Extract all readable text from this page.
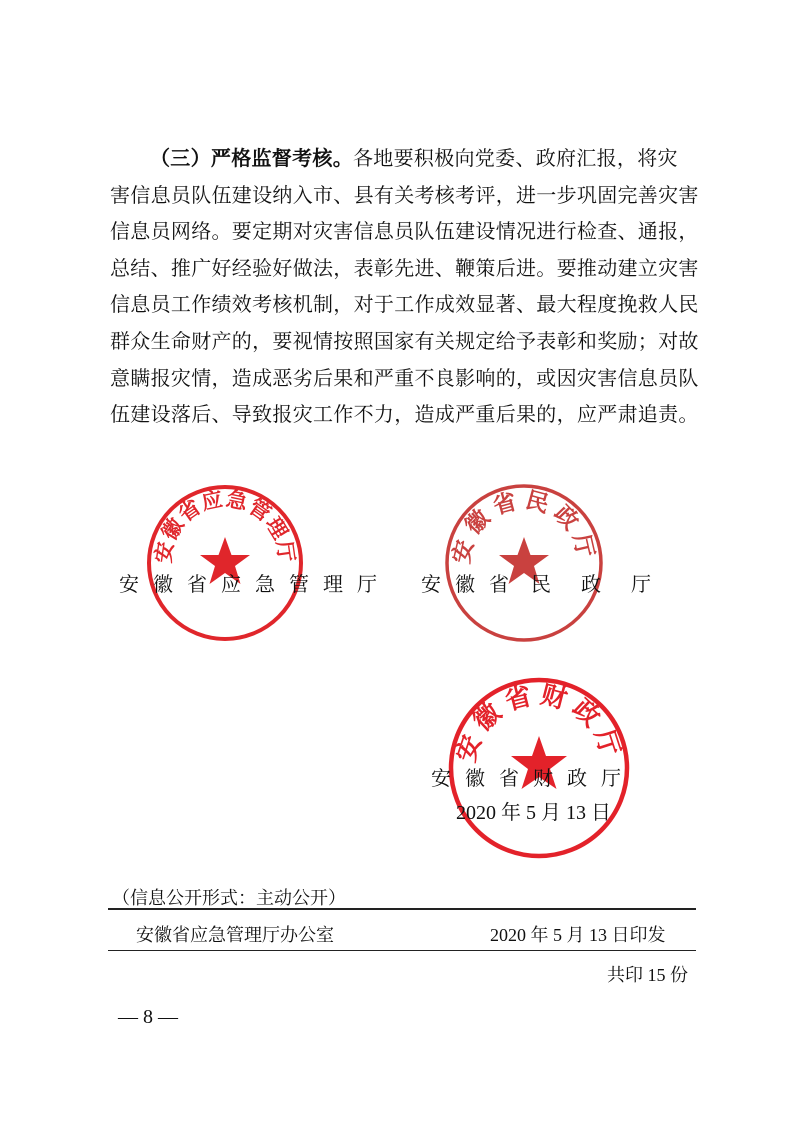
（三）严格监督考核。各地要积极向党委、政府汇报，将灾
害信息员队伍建设纳入市、县有关考核考评，进一步巩固完善灾害
信息员网络。要定期对灾害信息员队伍建设情况进行检查、通报，
总结、推广好经验好做法，表彰先进、鞭策后进。要推动建立灾害
信息员工作绩效考核机制，对于工作成效显著、最大程度挽救人民
群众生命财产的，要视情按照国家有关规定给予表彰和奖励；对故
意瞒报灾情，造成恶劣后果和严重不良影响的，或因灾害信息员队
伍建设落后、导致报灾工作不力，造成严重后果的，应严肃追责。
安徽省应急管理厅
安 徽 省 应 急 管 理 厅
安徽省民政厅
安 徽 省 民 政 厅
安徽省财政厅
安 徽 省 财 政 厅
2020 年 5 月 13 日
（信息公开形式：主动公开）
安徽省应急管理厅办公室	2020 年 5 月 13 日印发
共印 15 份
— 8 —
